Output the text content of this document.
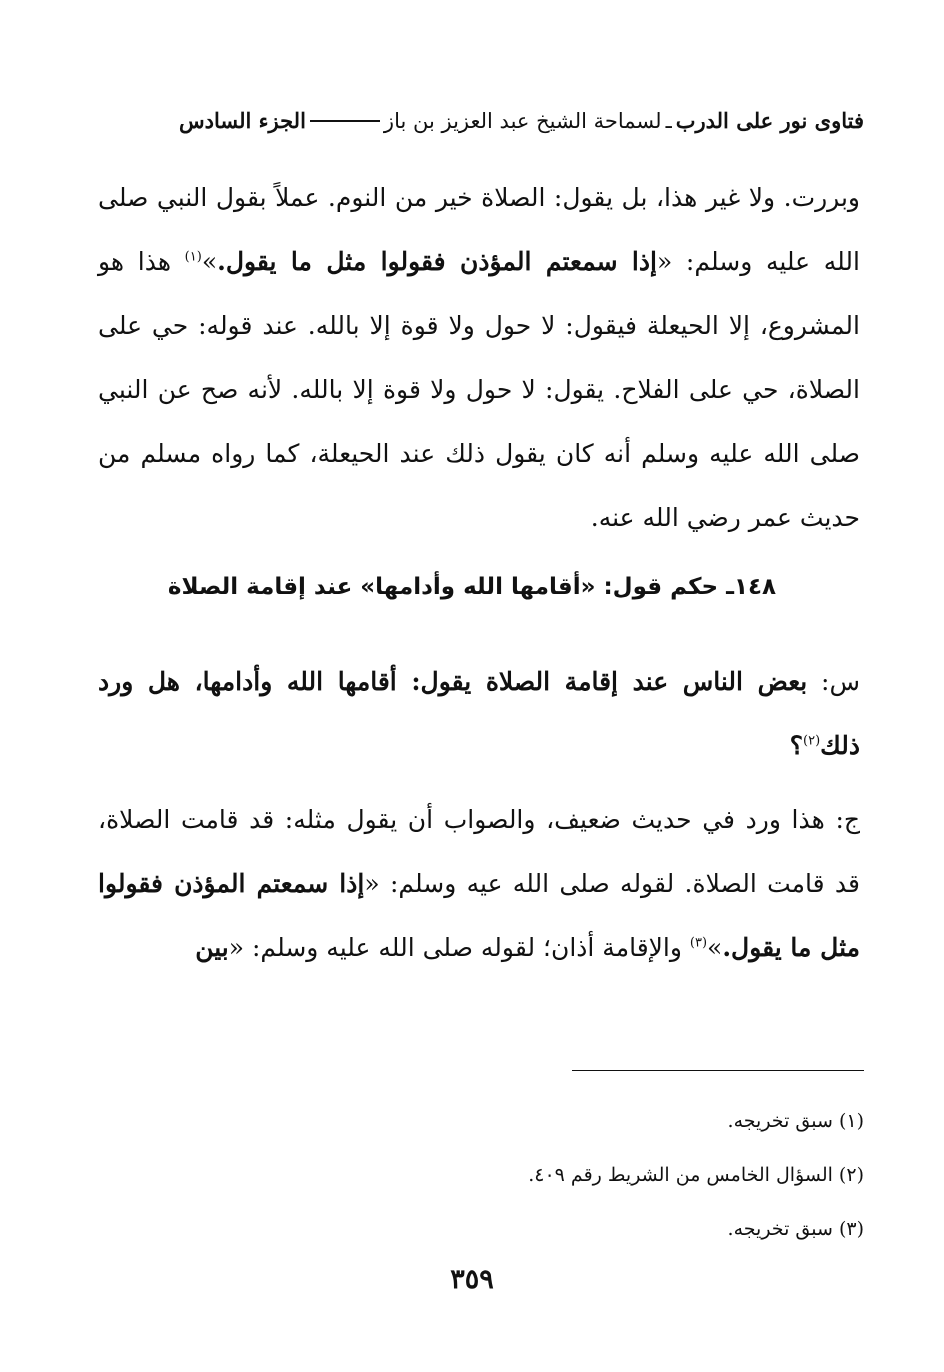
فتاوى نور على الدرب
ـ
لسماحة الشيخ عبد العزيز بن باز
الجزء السادس
وبررت. ولا غير هذا، بل يقول: الصلاة خير من النوم. عملاً بقول النبي صلى الله عليه وسلم: «إذا سمعتم المؤذن فقولوا مثل ما يقول.»$^{(١)}$ هذا هو المشروع، إلا الحيعلة فيقول: لا حول ولا قوة إلا بالله. عند قوله: حي على الصلاة، حي على الفلاح. يقول: لا حول ولا قوة إلا بالله. لأنه صح عن النبي صلى الله عليه وسلم أنه كان يقول ذلك عند الحيعلة، كما رواه مسلم من حديث عمر رضي الله عنه.
١٤٨ـ حكم قول: «أقامها الله وأدامها» عند إقامة الصلاة
س: بعض الناس عند إقامة الصلاة يقول: أقامها الله وأدامها، هل ورد ذلك$^{(٢)}$؟
ج: هذا ورد في حديث ضعيف، والصواب أن يقول مثله: قد قامت الصلاة، قد قامت الصلاة. لقوله صلى الله عيه وسلم: «إذا سمعتم المؤذن فقولوا مثل ما يقول.»$^{(٣)}$ والإقامة أذان؛ لقوله صلى الله عليه وسلم: «بين
(١) سبق تخريجه.
(٢) السؤال الخامس من الشريط رقم ٤٠٩.
(٣) سبق تخريجه.
٣٥٩
